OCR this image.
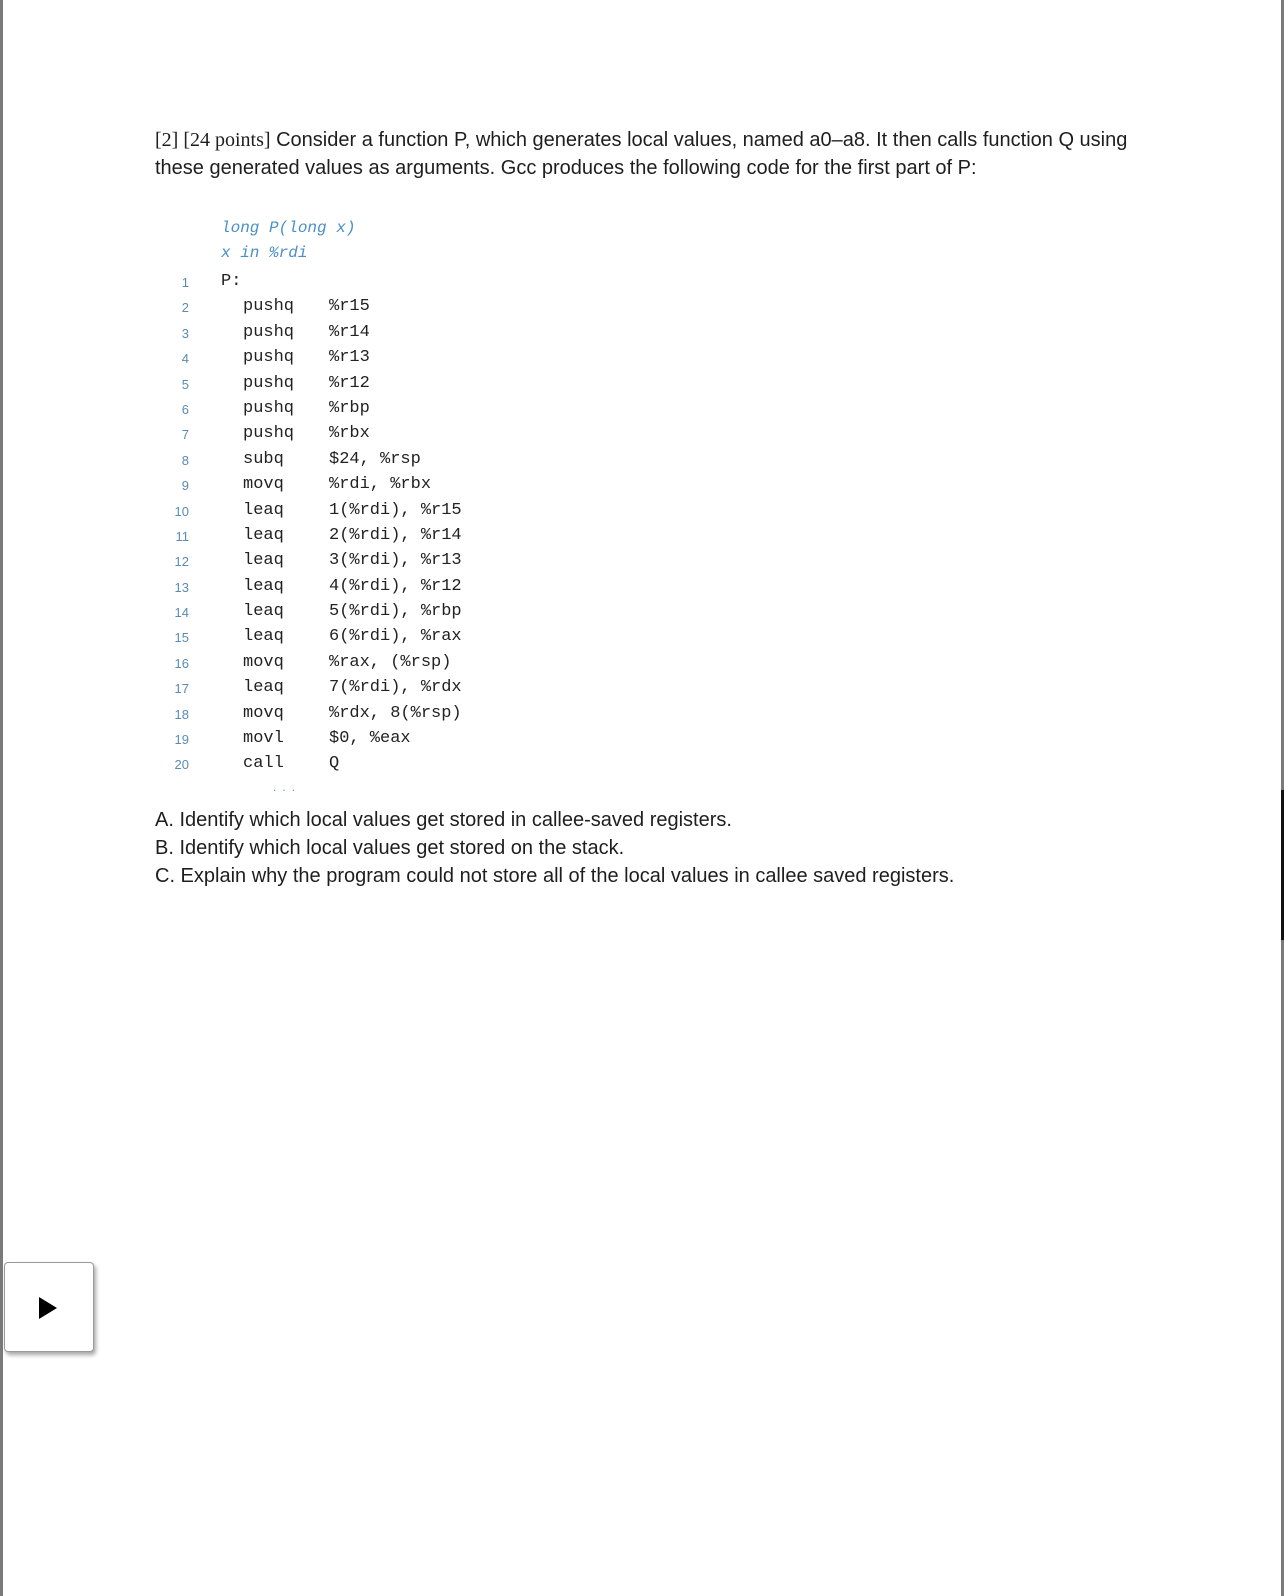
[2] [24 points] Consider a function P, which generates local values, named a0–a8. It then calls function Q using these generated values as arguments. Gcc produces the following code for the first part of P:
long P(long x)
x in %rdi
1 P:
2	pushq %r15
3	pushq %r14
4	pushq %r13
5	pushq %r12
6	pushq %rbp
7	pushq %rbx
8	subq	$24, %rsp
9	movq	%rdi, %rbx
10	leaq	1(%rdi), %r15
11	leaq	2(%rdi), %r14
12	leaq	3(%rdi), %r13
13	leaq	4(%rdi), %r12
14	leaq	5(%rdi), %rbp
15	leaq	6(%rdi), %rax
16	movq	%rax, (%rsp)
17	leaq	7(%rdi), %rdx
18	movq	%rdx, 8(%rsp)
19	movl	$0, %eax
20	call	Q
...
A. Identify which local values get stored in callee-saved registers.
B. Identify which local values get stored on the stack.
C. Explain why the program could not store all of the local values in callee saved registers.
